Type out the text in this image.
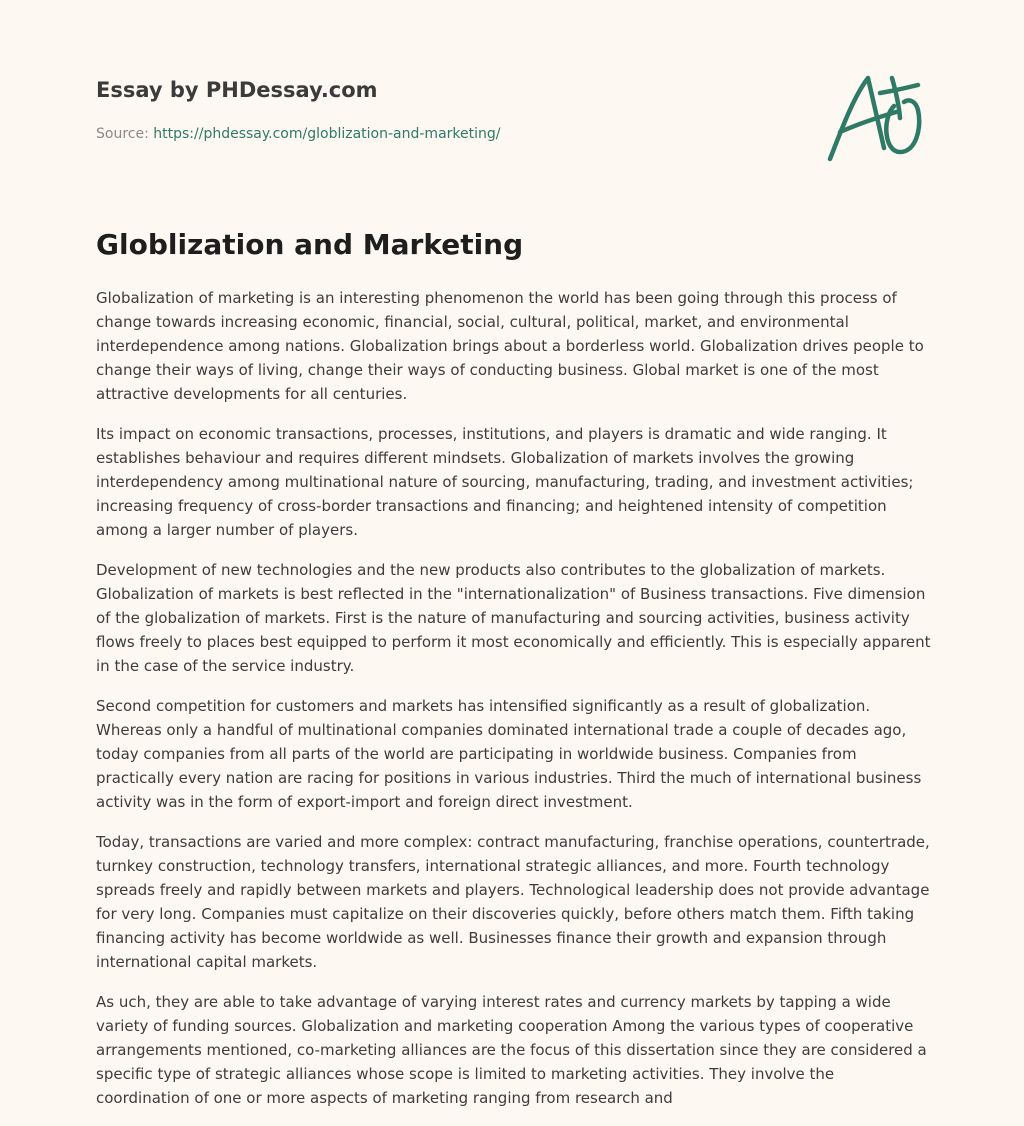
Essay by PHDessay.com
Source: https://phdessay.com/globlization-and-marketing/
Globlization and Marketing

Globalization of marketing is an interesting phenomenon the world has been going through this process of change towards increasing economic, financial, social, cultural, political, market, and environmental interdependence among nations. Globalization brings about a borderless world. Globalization drives people to change their ways of living, change their ways of conducting business. Global market is one of the most attractive developments for all centuries.

Its impact on economic transactions, processes, institutions, and players is dramatic and wide ranging. It establishes behaviour and requires different mindsets. Globalization of markets involves the growing interdependency among multinational nature of sourcing, manufacturing, trading, and investment activities; increasing frequency of cross-border transactions and financing; and heightened intensity of competition among a larger number of players.

Development of new technologies and the new products also contributes to the globalization of markets. Globalization of markets is best reflected in the "internationalization" of Business transactions. Five dimension of the globalization of markets. First is the nature of manufacturing and sourcing activities, business activity flows freely to places best equipped to perform it most economically and efficiently. This is especially apparent in the case of the service industry.

Second competition for customers and markets has intensified significantly as a result of globalization. Whereas only a handful of multinational companies dominated international trade a couple of decades ago, today companies from all parts of the world are participating in worldwide business. Companies from practically every nation are racing for positions in various industries. Third the much of international business activity was in the form of export-import and foreign direct investment.

Today, transactions are varied and more complex: contract manufacturing, franchise operations, countertrade, turnkey construction, technology transfers, international strategic alliances, and more. Fourth technology spreads freely and rapidly between markets and players. Technological leadership does not provide advantage for very long. Companies must capitalize on their discoveries quickly, before others match them. Fifth taking financing activity has become worldwide as well. Businesses finance their growth and expansion through international capital markets.

As uch, they are able to take advantage of varying interest rates and currency markets by tapping a wide variety of funding sources. Globalization and marketing cooperation Among the various types of cooperative arrangements mentioned, co-marketing alliances are the focus of this dissertation since they are considered a specific type of strategic alliances whose scope is limited to marketing activities. They involve the coordination of one or more aspects of marketing ranging from research and
